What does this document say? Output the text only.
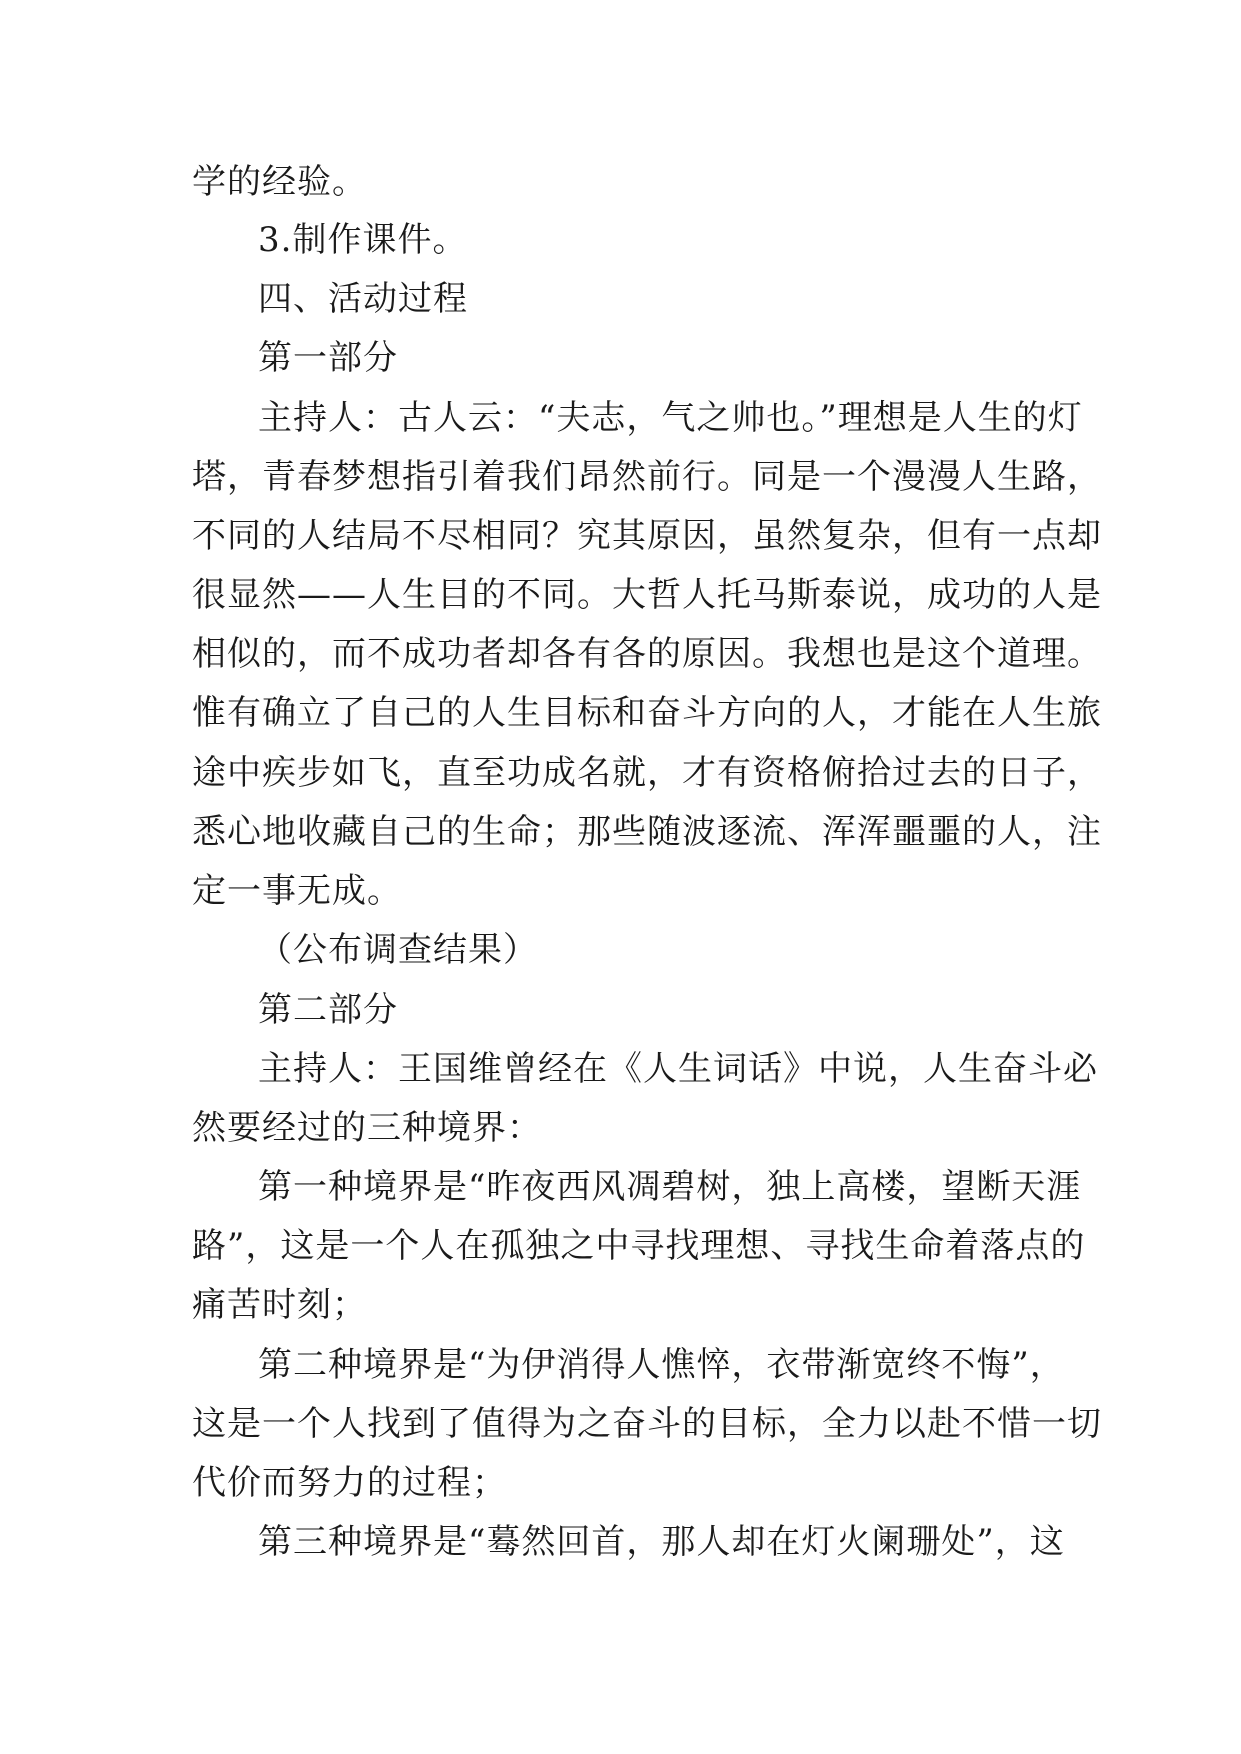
学的经验。
3.制作课件。
四、活动过程
第一部分
主持人：古人云：“夫志，气之帅也。”理想是人生的灯
塔，青春梦想指引着我们昂然前行。同是一个漫漫人生路，
不同的人结局不尽相同？究其原因，虽然复杂，但有一点却
很显然——人生目的不同。大哲人托马斯泰说，成功的人是
相似的，而不成功者却各有各的原因。我想也是这个道理。
惟有确立了自己的人生目标和奋斗方向的人，才能在人生旅
途中疾步如飞，直至功成名就，才有资格俯拾过去的日子，
悉心地收藏自己的生命；那些随波逐流、浑浑噩噩的人，注
定一事无成。
（公布调查结果）
第二部分
主持人：王国维曾经在《人生词话》中说，人生奋斗必
然要经过的三种境界：
第一种境界是“昨夜西风凋碧树，独上高楼，望断天涯
路”，这是一个人在孤独之中寻找理想、寻找生命着落点的
痛苦时刻；
第二种境界是“为伊消得人憔悴，衣带渐宽终不悔”，
这是一个人找到了值得为之奋斗的目标，全力以赴不惜一切
代价而努力的过程；
第三种境界是“蓦然回首，那人却在灯火阑珊处”，这
